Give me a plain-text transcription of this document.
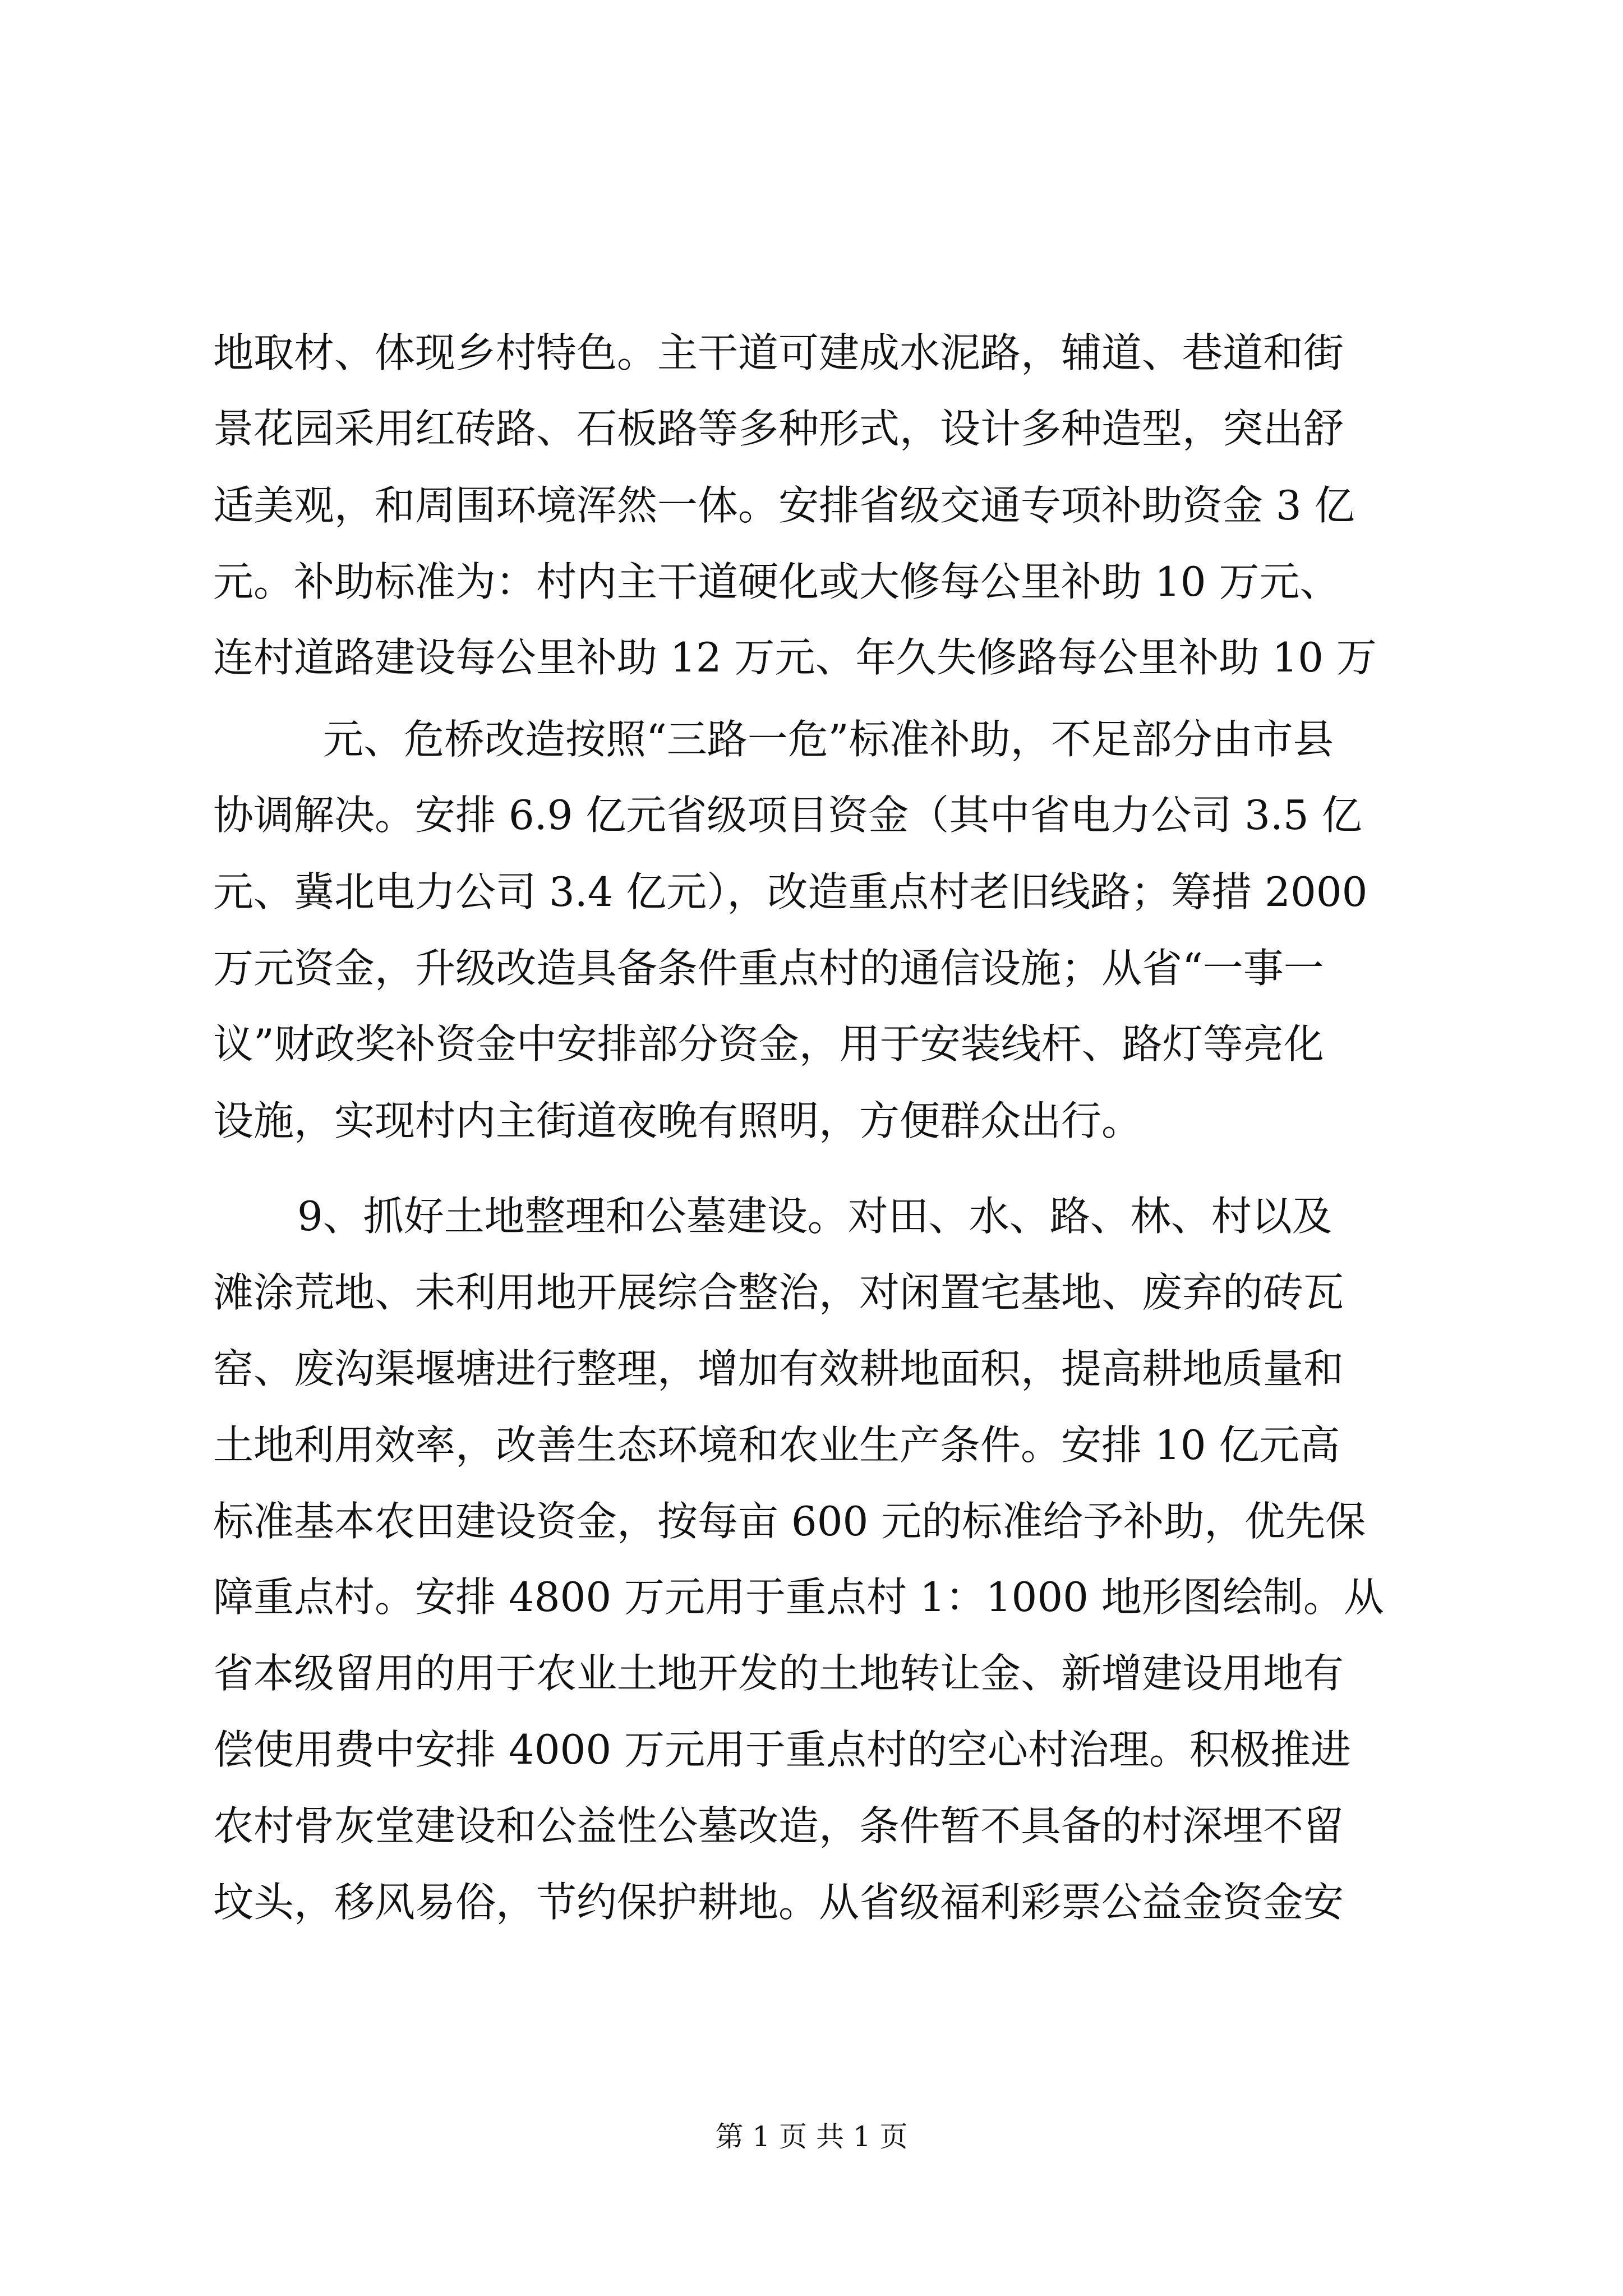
地取材、体现乡村特色。主干道可建成水泥路，辅道、巷道和街
景花园采用红砖路、石板路等多种形式，设计多种造型，突出舒
适美观，和周围环境浑然一体。安排省级交通专项补助资金 3 亿
元。补助标准为：村内主干道硬化或大修每公里补助 10 万元、
连村道路建设每公里补助 12 万元、年久失修路每公里补助 10 万
元、危桥改造按照“三路一危”标准补助，不足部分由市县
协调解决。安排 6.9 亿元省级项目资金（其中省电力公司 3.5 亿
元、冀北电力公司 3.4 亿元），改造重点村老旧线路；筹措 2000
万元资金，升级改造具备条件重点村的通信设施；从省“一事一
议”财政奖补资金中安排部分资金，用于安装线杆、路灯等亮化
设施，实现村内主街道夜晚有照明，方便群众出行。
9、抓好土地整理和公墓建设。对田、水、路、林、村以及
滩涂荒地、未利用地开展综合整治，对闲置宅基地、废弃的砖瓦
窑、废沟渠堰塘进行整理，增加有效耕地面积，提高耕地质量和
土地利用效率，改善生态环境和农业生产条件。安排 10 亿元高
标准基本农田建设资金，按每亩 600 元的标准给予补助，优先保
障重点村。安排 4800 万元用于重点村 1：1000 地形图绘制。从
省本级留用的用于农业土地开发的土地转让金、新增建设用地有
偿使用费中安排 4000 万元用于重点村的空心村治理。积极推进
农村骨灰堂建设和公益性公墓改造，条件暂不具备的村深埋不留
坟头，移风易俗，节约保护耕地。从省级福利彩票公益金资金安
第 1 页 共 1 页
